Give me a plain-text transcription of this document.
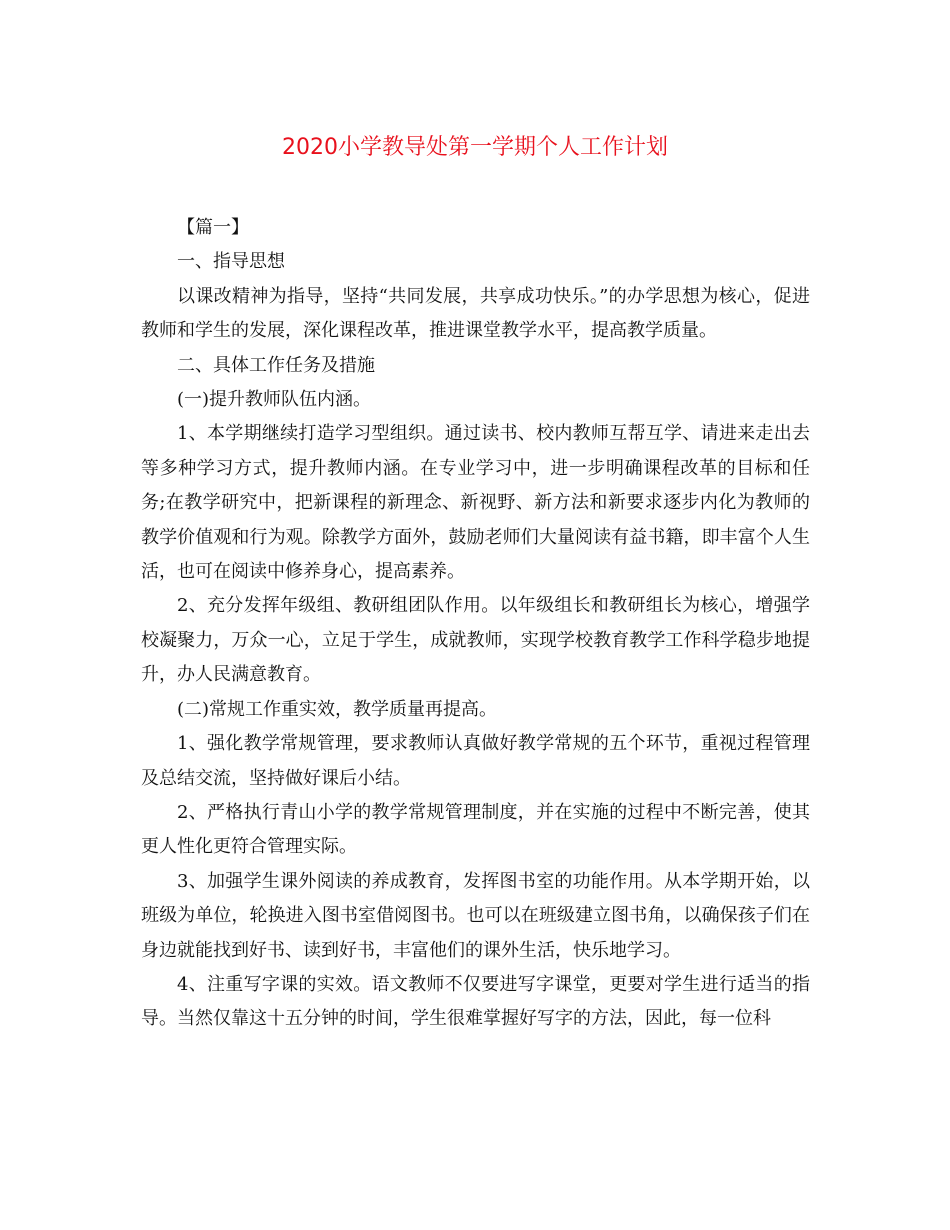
2020小学教导处第一学期个人工作计划

【篇一】

一、指导思想

以课改精神为指导，坚持“共同发展，共享成功快乐。”的办学思想为核心，促进教师和学生的发展，深化课程改革，推进课堂教学水平，提高教学质量。

二、具体工作任务及措施

(一)提升教师队伍内涵。

1、本学期继续打造学习型组织。通过读书、校内教师互帮互学、请进来走出去等多种学习方式，提升教师内涵。在专业学习中，进一步明确课程改革的目标和任务;在教学研究中，把新课程的新理念、新视野、新方法和新要求逐步内化为教师的教学价值观和行为观。除教学方面外，鼓励老师们大量阅读有益书籍，即丰富个人生活，也可在阅读中修养身心，提高素养。

2、充分发挥年级组、教研组团队作用。以年级组长和教研组长为核心，增强学校凝聚力，万众一心，立足于学生，成就教师，实现学校教育教学工作科学稳步地提升，办人民满意教育。

(二)常规工作重实效，教学质量再提高。

1、强化教学常规管理，要求教师认真做好教学常规的五个环节，重视过程管理及总结交流，坚持做好课后小结。

2、严格执行青山小学的教学常规管理制度，并在实施的过程中不断完善，使其更人性化更符合管理实际。

3、加强学生课外阅读的养成教育，发挥图书室的功能作用。从本学期开始，以班级为单位，轮换进入图书室借阅图书。也可以在班级建立图书角，以确保孩子们在身边就能找到好书、读到好书，丰富他们的课外生活，快乐地学习。

4、注重写字课的实效。语文教师不仅要进写字课堂，更要对学生进行适当的指导。当然仅靠这十五分钟的时间，学生很难掌握好写字的方法，因此，每一位科
